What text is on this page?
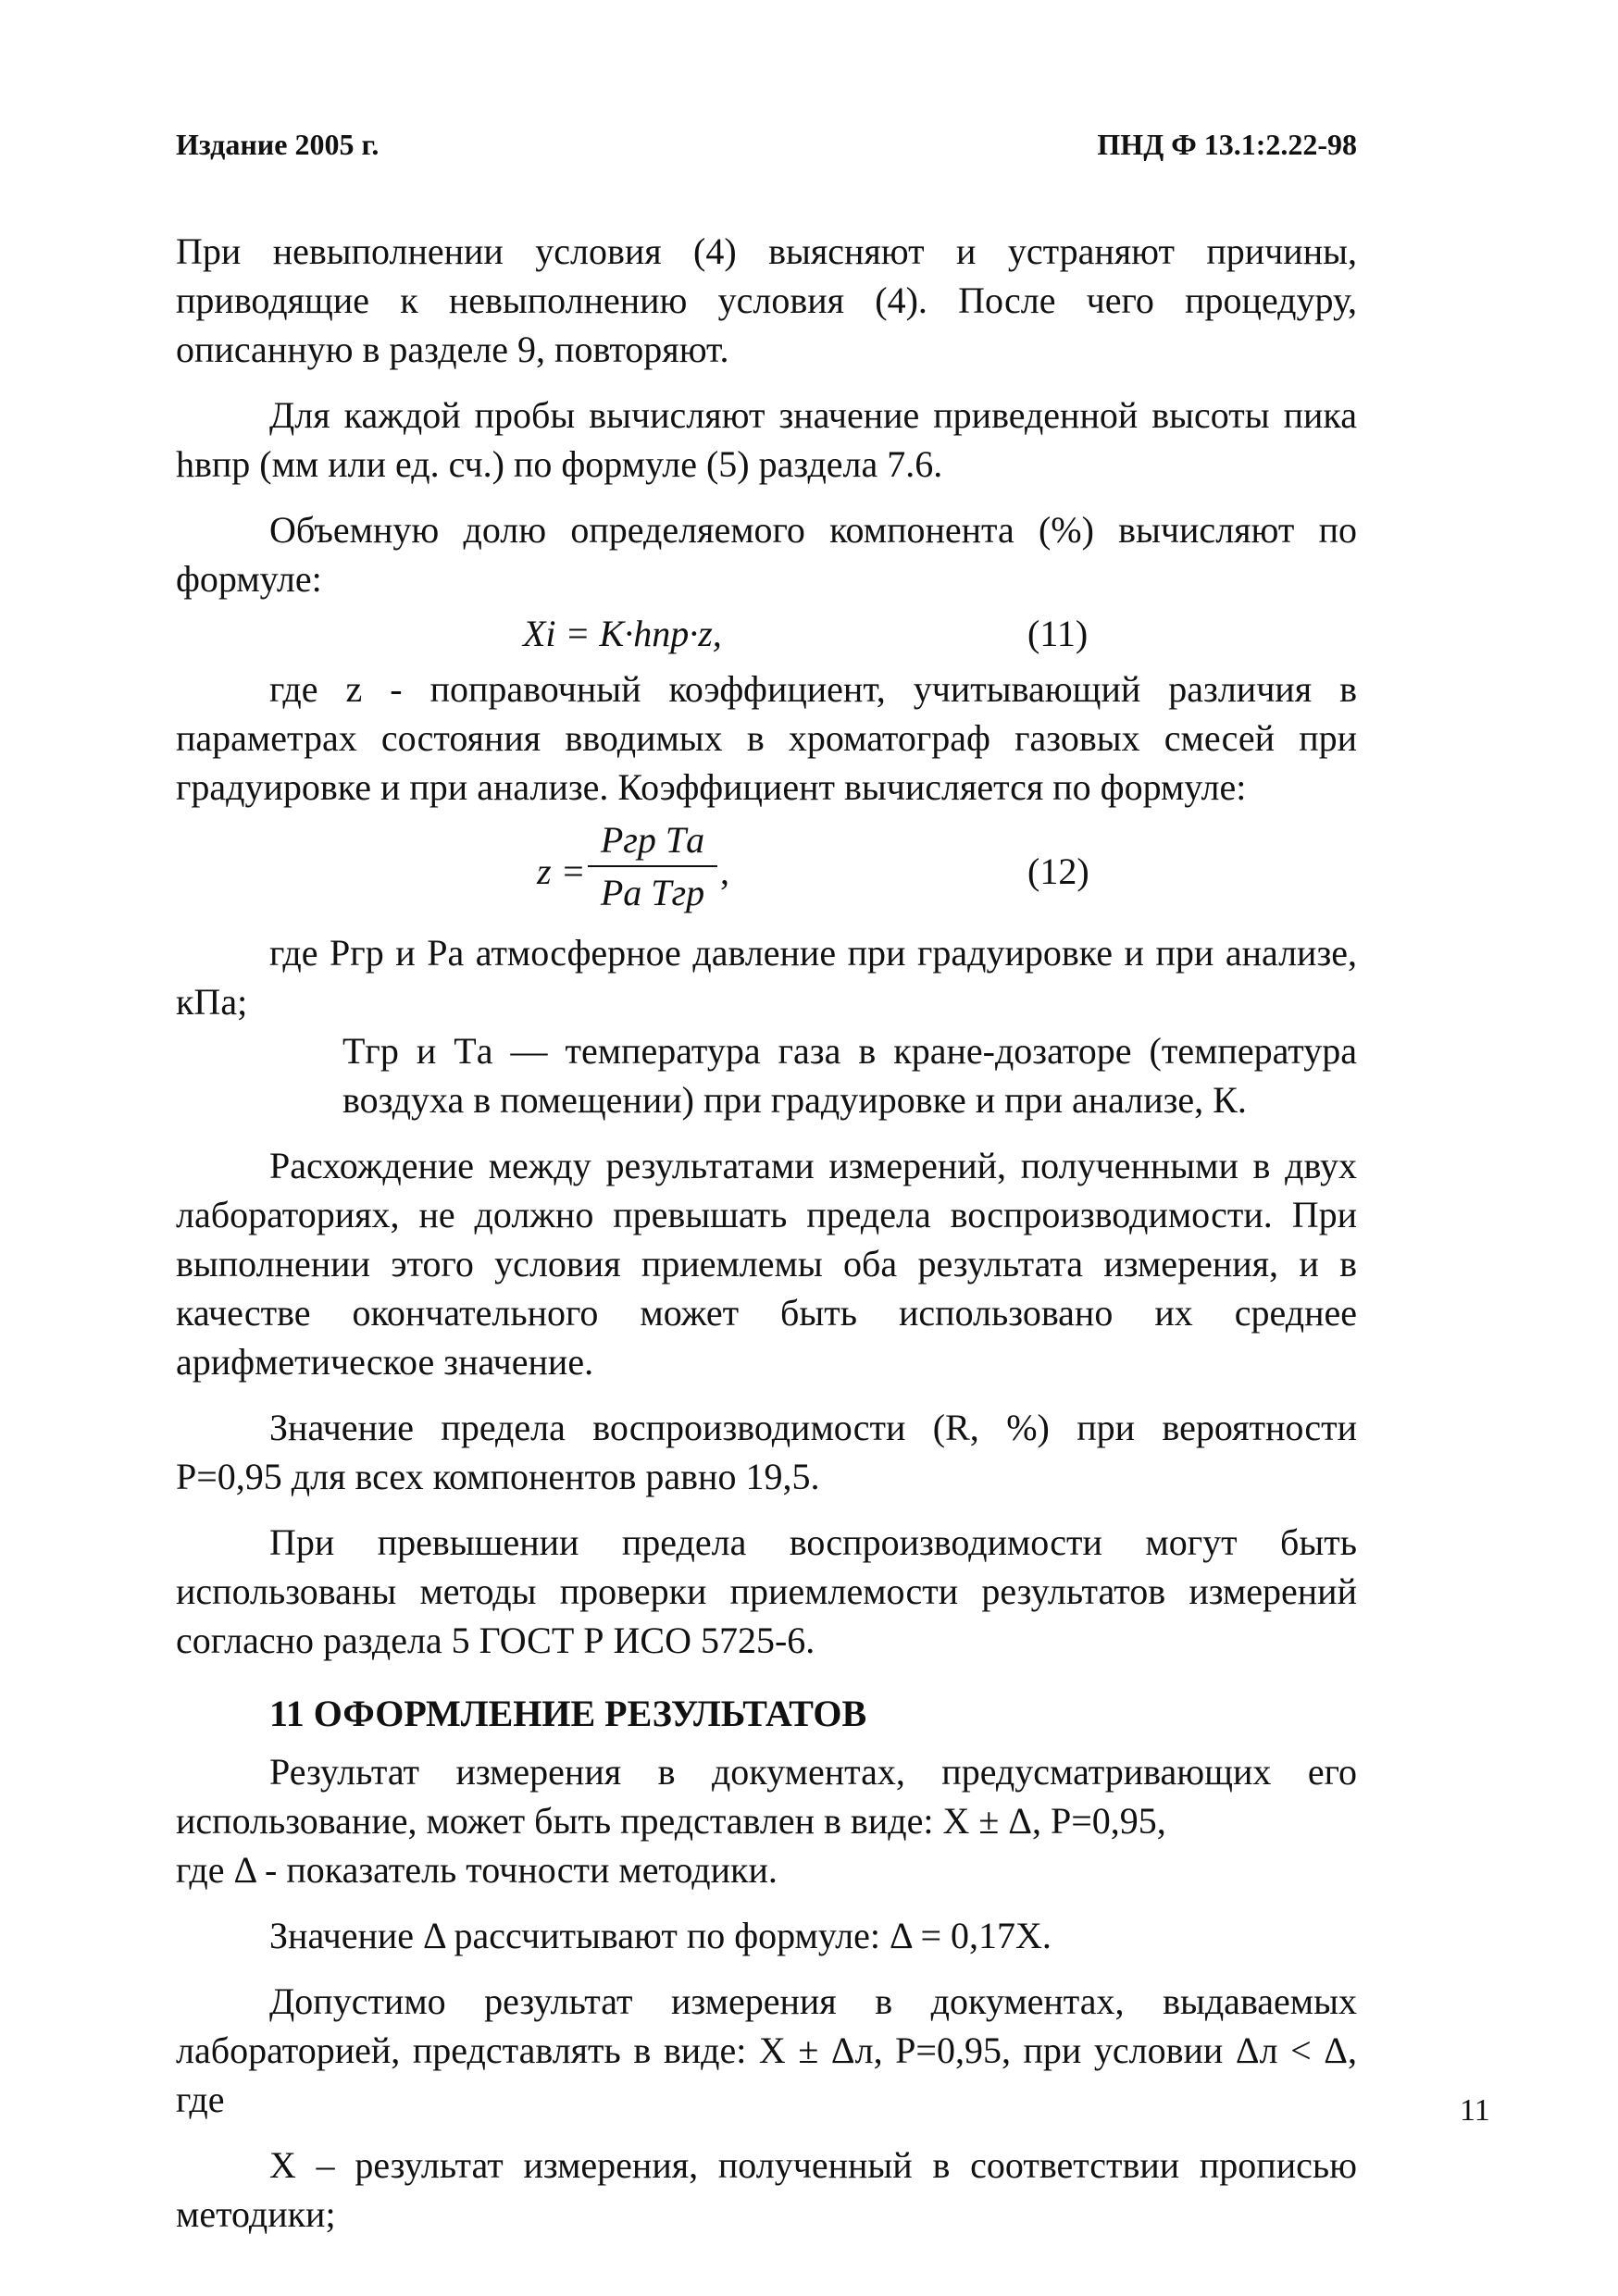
Издание 2005 г.	ПНД Ф 13.1:2.22-98

При невыполнении условия (4) выясняют и устраняют причины, приводящие к невыполнению условия (4). После чего процедуру, описанную в разделе 9, повторяют.

Для каждой пробы вычисляют значение приведенной высоты пика hвпр (мм или ед. сч.) по формуле (5) раздела 7.6.

Объемную долю определяемого компонента (%) вычисляют по формуле:

Xi = K·hпр·z,	(11)

где z - поправочный коэффициент, учитывающий различия в параметрах состояния вводимых в хроматограф газовых смесей при градуировке и при анализе. Коэффициент вычисляется по формуле:

z =
Pгр Tа
Pа Tгр
,	(12)

где Pгр и Pа атмосферное давление при градуировке и при анализе, кПа;

Tгр и Tа — температура газа в кране-дозаторе (температура воздуха в помещении) при градуировке и при анализе, К.

Расхождение между результатами измерений, полученными в двух лабораториях, не должно превышать предела воспроизводимости. При выполнении этого условия приемлемы оба результата измерения, и в качестве окончательного может быть использовано их среднее арифметическое значение.

Значение предела воспроизводимости (R, %) при вероятности Р=0,95 для всех компонентов равно 19,5.

При превышении предела воспроизводимости могут быть использованы методы проверки приемлемости результатов измерений согласно раздела 5 ГОСТ Р ИСО 5725-6.

11 ОФОРМЛЕНИЕ РЕЗУЛЬТАТОВ

Результат измерения в документах, предусматривающих его использование, может быть представлен в виде: X ± Δ, Р=0,95,

где Δ - показатель точности методики.

Значение Δ рассчитывают по формуле: Δ = 0,17X.

Допустимо результат измерения в документах, выдаваемых лабораторией, представлять в виде: X ± Δл, Р=0,95, при условии Δл < Δ, где

X – результат измерения, полученный в соответствии прописью методики;

11
